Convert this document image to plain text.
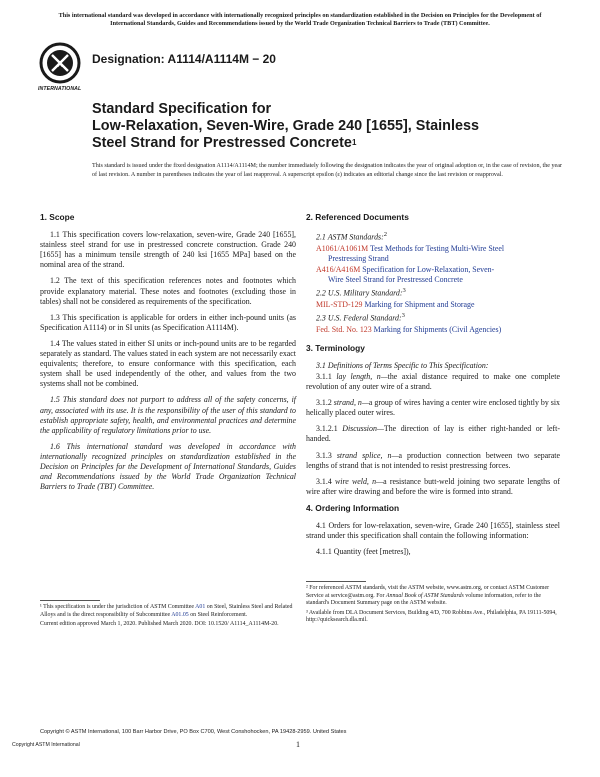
This international standard was developed in accordance with internationally recognized principles on standardization established in the Decision on Principles for the Development of International Standards, Guides and Recommendations issued by the World Trade Organization Technical Barriers to Trade (TBT) Committee.
A
INTERNATIONAL
Designation: A1114/A1114M − 20
Standard Specification for
Low-Relaxation, Seven-Wire, Grade 240 [1655], Stainless
Steel Strand for Prestressed Concrete$^1$
This standard is issued under the fixed designation A1114/A1114M; the number immediately following the designation indicates the year of original adoption or, in the case of revision, the year of last revision. A number in parentheses indicates the year of last reapproval. A superscript epsilon (ε) indicates an editorial change since the last revision or reapproval.
1. Scope

1.1 This specification covers low-relaxation, seven-wire, Grade 240 [1655], stainless steel strand for use in prestressed concrete construction. Grade 240 [1655] has a minimum tensile strength of 240 ksi [1655 MPa] based on the nominal area of the strand.

1.2 The text of this specification references notes and footnotes which provide explanatory material. These notes and footnotes (excluding those in tables) shall not be considered as requirements of the specification.

1.3 This specification is applicable for orders in either inch-pound units (as Specification A1114) or in SI units (as Specification A1114M).

1.4 The values stated in either SI units or inch-pound units are to be regarded separately as standard. The values stated in each system are not necessarily exact equivalents; therefore, to ensure conformance with this specification, each system shall be used independently of the other, and values from the two systems shall not be combined.

1.5 This standard does not purport to address all of the safety concerns, if any, associated with its use. It is the responsibility of the user of this standard to establish appropriate safety, health, and environmental practices and determine the applicability of regulatory limitations prior to use.

1.6 This international standard was developed in accordance with internationally recognized principles on standardization established in the Decision on Principles for the Development of International Standards, Guides and Recommendations issued by the World Trade Organization Technical Barriers to Trade (TBT) Committee.

2. Referenced Documents
2.1 ASTM Standards:$^2$
A1061/A1061M Test Methods for Testing Multi-Wire Steel
Prestressing Strand
A416/A416M Specification for Low-Relaxation, Seven-
Wire Steel Strand for Prestressed Concrete
2.2 U.S. Military Standard:$^3$
MIL-STD-129 Marking for Shipment and Storage
2.3 U.S. Federal Standard:$^3$
Fed. Std. No. 123 Marking for Shipments (Civil Agencies)
3. Terminology

3.1 Definitions of Terms Specific to This Specification:

3.1.1 lay length, n—the axial distance required to make one complete revolution of any outer wire of a strand.

3.1.2 strand, n—a group of wires having a center wire enclosed tightly by six helically placed outer wires.

3.1.2.1 Discussion—The direction of lay is either right-handed or left-handed.

3.1.3 strand splice, n—a production connection between two separate lengths of strand that is not intended to resist prestressing forces.

3.1.4 wire weld, n—a resistance butt-weld joining two separate lengths of wire after wire drawing and before the wire is formed into strand.

4. Ordering Information

4.1 Orders for low-relaxation, seven-wire, Grade 240 [1655], stainless steel strand under this specification shall contain the following information:

4.1.1 Quantity (feet [metres]),

¹ This specification is under the jurisdiction of ASTM Committee A01 on Steel, Stainless Steel and Related Alloys and is the direct responsibility of Subcommittee A01.05 on Steel Reinforcement.

Current edition approved March 1, 2020. Published March 2020. DOI: 10.1520/ A1114_A1114M-20.

² For referenced ASTM standards, visit the ASTM website, www.astm.org, or contact ASTM Customer Service at service@astm.org. For Annual Book of ASTM Standards volume information, refer to the standard's Document Summary page on the ASTM website.

³ Available from DLA Document Services, Building 4/D, 700 Robbins Ave., Philadelphia, PA 19111-5094, http://quicksearch.dla.mil.

Copyright © ASTM International, 100 Barr Harbor Drive, PO Box C700, West Conshohocken, PA 19428-2959. United States
Copyright ASTM International	1
